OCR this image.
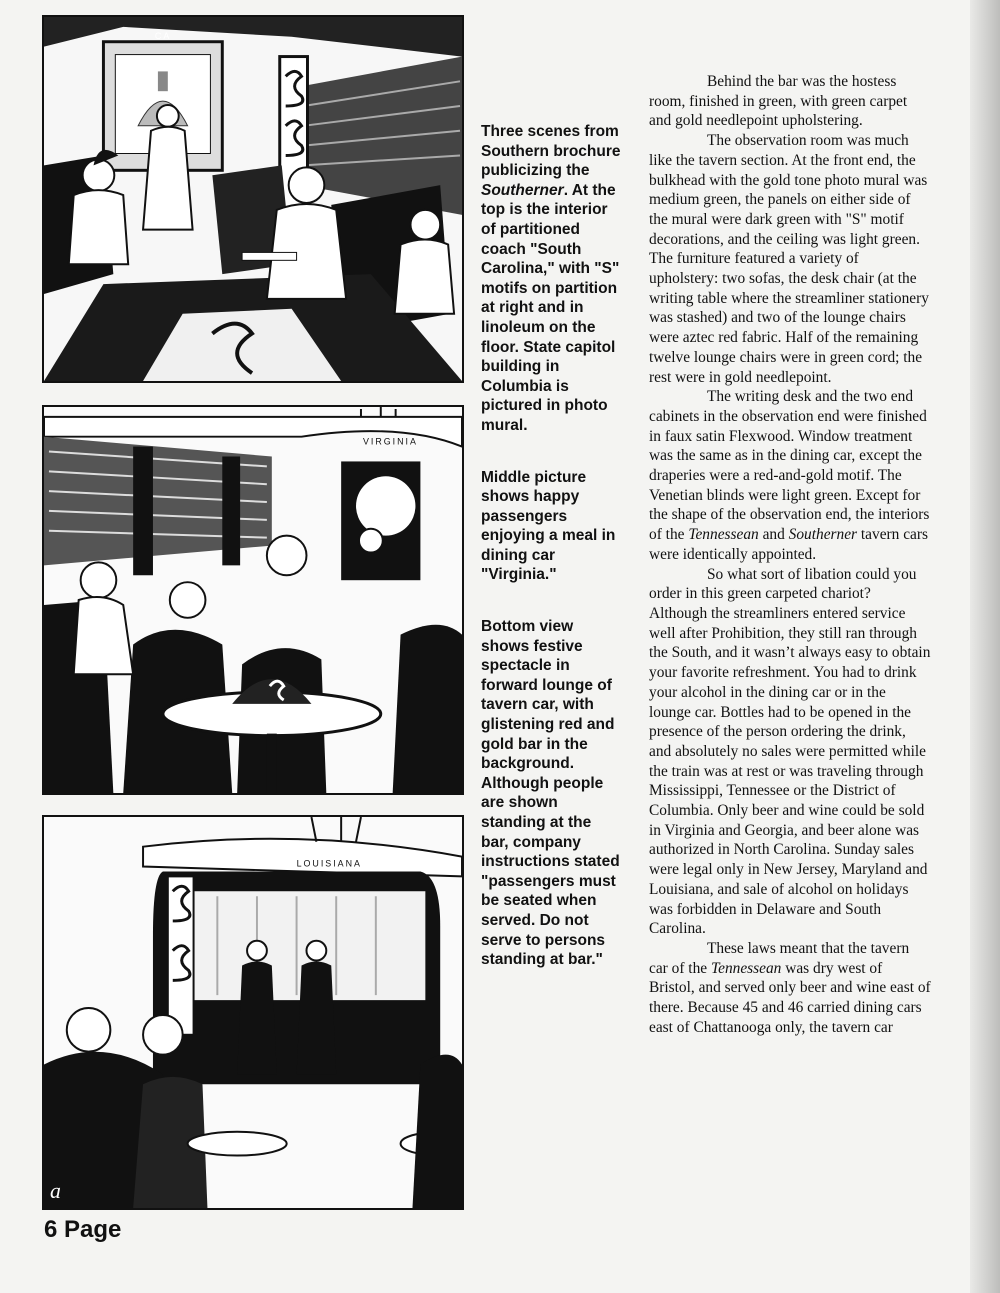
CA
VIRGINIA
LOUISIANA
a

Three scenes from Southern brochure publicizing the Southerner. At the top is the interior of partitioned coach "South Carolina," with "S" motifs on partition at right and in linoleum on the floor. State capitol building in Columbia is pictured in photo mural.

Middle picture shows happy passengers enjoying a meal in dining car "Virginia."

Bottom view shows festive spectacle in forward lounge of tavern car, with glistening red and gold bar in the background. Although people are shown standing at the bar, company instructions stated "passengers must be seated when served. Do not serve to persons standing at bar."

Behind the bar was the hostess room, finished in green, with green carpet and gold needlepoint upholstering.

The observation room was much like the tavern section. At the front end, the bulkhead with the gold tone photo mural was medium green, the panels on either side of the mural were dark green with "S" motif decorations, and the ceiling was light green. The furniture featured a variety of upholstery: two sofas, the desk chair (at the writing table where the streamliner stationery was stashed) and two of the lounge chairs were aztec red fabric. Half of the remaining twelve lounge chairs were in green cord; the rest were in gold needlepoint.

The writing desk and the two end cabinets in the observation end were finished in faux satin Flexwood. Window treatment was the same as in the dining car, except the draperies were a red-and-gold motif. The Venetian blinds were light green. Except for the shape of the observation end, the interiors of the Tennessean and Southerner tavern cars were identically appointed.

So what sort of libation could you order in this green carpeted chariot? Although the streamliners entered service well after Prohibition, they still ran through the South, and it wasn’t always easy to obtain your favorite refreshment. You had to drink your alcohol in the dining car or in the lounge car. Bottles had to be opened in the presence of the person ordering the drink, and absolutely no sales were permitted while the train was at rest or was traveling through Mississippi, Tennessee or the District of Columbia. Only beer and wine could be sold in Virginia and Georgia, and beer alone was authorized in North Carolina. Sunday sales were legal only in New Jersey, Maryland and Louisiana, and sale of alcohol on holidays was forbidden in Delaware and South Carolina.

These laws meant that the tavern car of the Tennessean was dry west of Bristol, and served only beer and wine east of there. Because 45 and 46 carried dining cars east of Chattanooga only, the tavern car

6 Page
